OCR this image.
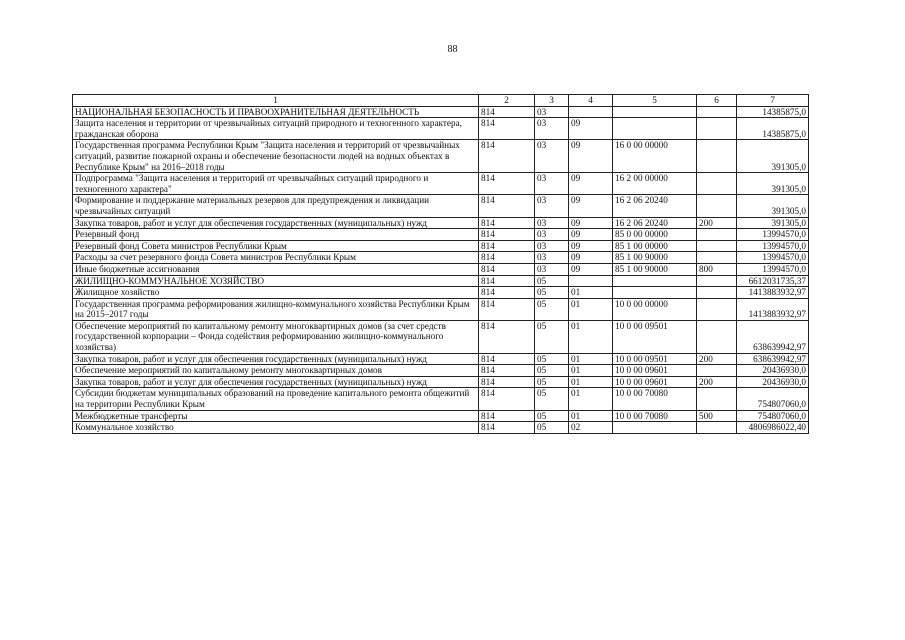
88
1	2	3	4	5	6	7
НАЦИОНАЛЬНАЯ БЕЗОПАСНОСТЬ И ПРАВООХРАНИТЕЛЬНАЯ ДЕЯТЕЛЬНОСТЬ	814	03				14385875,0
Защита населения и территории от чрезвычайных ситуаций природного и техногенного характера, гражданская оборона	814	03	09			14385875,0
Государственная программа Республики Крым "Защита населения и территорий от чрезвычайных ситуаций, развитие пожарной охраны и обеспечение безопасности людей на водных объектах в Республике Крым" на 2016–2018 годы	814	03	09	16 0 00 00000		391305,0
Подпрограмма "Защита населения и территорий от чрезвычайных ситуаций природного и техногенного характера"	814	03	09	16 2 00 00000		391305,0
Формирование и поддержание материальных резервов для предупреждения и ликвидации чрезвычайных ситуаций	814	03	09	16 2 06 20240		391305,0
Закупка товаров, работ и услуг для обеспечения государственных (муниципальных) нужд	814	03	09	16 2 06 20240	200	391305,0
Резервный фонд	814	03	09	85 0 00 00000		13994570,0
Резервный фонд Совета министров Республики Крым	814	03	09	85 1 00 00000		13994570,0
Расходы за счет резервного фонда Совета министров Республики Крым	814	03	09	85 1 00 90000		13994570,0
Иные бюджетные ассигнования	814	03	09	85 1 00 90000	800	13994570,0
ЖИЛИЩНО-КОММУНАЛЬНОЕ ХОЗЯЙСТВО	814	05				6612031735,37
Жилищное хозяйство	814	05	01			1413883932,97
Государственная программа реформирования жилищно-коммунального хозяйства Республики Крым на 2015–2017 годы	814	05	01	10 0 00 00000		1413883932,97
Обеспечение мероприятий по капитальному ремонту многоквартирных домов (за счет средств государственной корпорации – Фонда содействия реформированию жилищно-коммунального хозяйства)	814	05	01	10 0 00 09501		638639942,97
Закупка товаров, работ и услуг для обеспечения государственных (муниципальных) нужд	814	05	01	10 0 00 09501	200	638639942,97
Обеспечение мероприятий по капитальному ремонту многоквартирных домов	814	05	01	10 0 00 09601		20436930,0
Закупка товаров, работ и услуг для обеспечения государственных (муниципальных) нужд	814	05	01	10 0 00 09601	200	20436930,0
Субсидии бюджетам муниципальных образований на проведение капитального ремонта общежитий на территории Республики Крым	814	05	01	10 0 00 70080		754807060,0
Межбюджетные трансферты	814	05	01	10 0 00 70080	500	754807060,0
Коммунальное хозяйство	814	05	02			4806986022,40
